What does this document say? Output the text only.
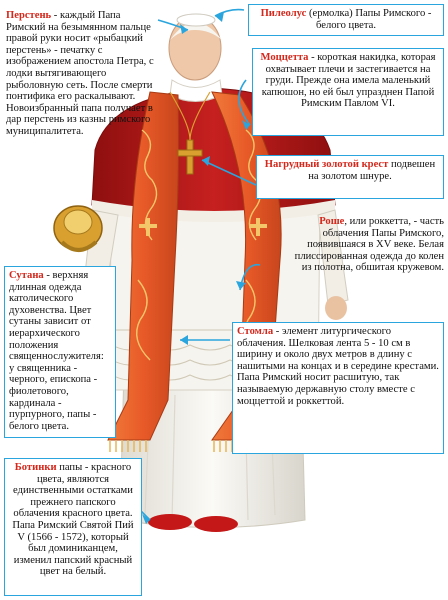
Перстень - каждый Папа Римский на безымянном пальце правой руки носит «рыбацкий перстень» - печатку с изображением апостола Петра, с лодки вытягивающего рыболовную сеть. После смерти понтифика его раскалывают. Новоизбранный папа получает в дар перстень из казны римского муниципалитета.
Пилеолус (ермолка) Папы Римского - белого цвета.
Моццетта - короткая накидка, которая охватывает плечи и застегивается на груди. Прежде она имела маленький капюшон, но ей был упразднен Папой Римским Павлом VI.
Нагрудный золотой крест подвешен на золотом шнуре.
Роше, или роккетта, - часть облачения Папы Римского, появившаяся в XV веке. Белая плиссированная одежда до колен из полотна, обшитая кружевом.
Сутана - верхняя длинная одежда католического духовенства. Цвет сутаны зависит от иерархического положения священнослужителя: у священника - черного, епископа - фиолетового, кардинала - пурпурного, папы - белого цвета.
Стомла - элемент литургического облачения. Шелковая лента 5 - 10 см в ширину и около двух метров в длину с нашитыми на концах и в середине крестами. Папа Римский носит расшитую, так называемую державную столу вместе с моццеттой и роккеттой.
Ботинки папы - красного цвета, являются единственными остатками прежнего папского облачения красного цвета. Папа Римский Святой Пий V (1566 - 1572), который был доминиканцем, изменил папский красный цвет на белый.
